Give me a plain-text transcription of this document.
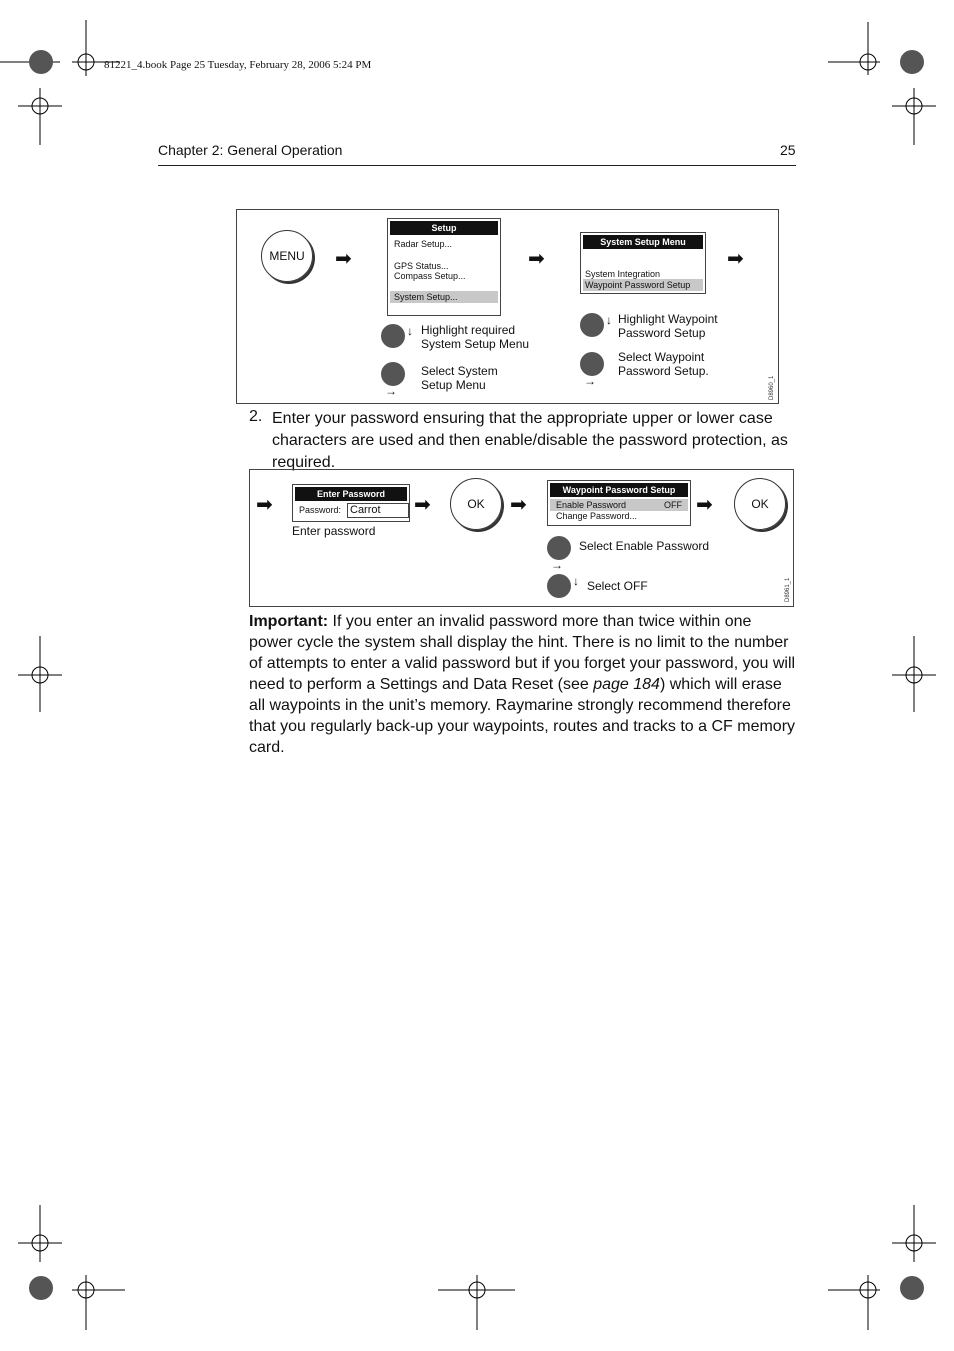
81221_4.book Page 25 Tuesday, February 28, 2006 5:24 PM
Chapter 2: General Operation	25
MENU	➡
Setup
Radar Setup...
GPS Status...
Compass Setup...
System Setup...
➡
System Setup Menu
System Integration
Waypoint Password Setup
➡
↓ Highlight required System Setup Menu
→
Select System Setup Menu
↓ Highlight Waypoint Password Setup
→
Select Waypoint Password Setup.
D8960_1
2. Enter your password ensuring that the appropriate upper or lower case characters are used and then enable/disable the password protection, as required.
➡	Enter Password
Password: Carrot
Enter password
➡	OK	➡
Waypoint Password Setup
Enable Password	OFF
Change Password...	➡	OK
→
Select Enable Password
↓ Select OFF	D8961_1
Important: If you enter an invalid password more than twice within one power cycle the system shall display the hint. There is no limit to the number of attempts to enter a valid password but if you forget your password, you will need to perform a Settings and Data Reset (see page 184) which will erase all waypoints in the unit’s memory. Raymarine strongly recommend therefore that you regularly back-up your waypoints, routes and tracks to a CF memory card.
